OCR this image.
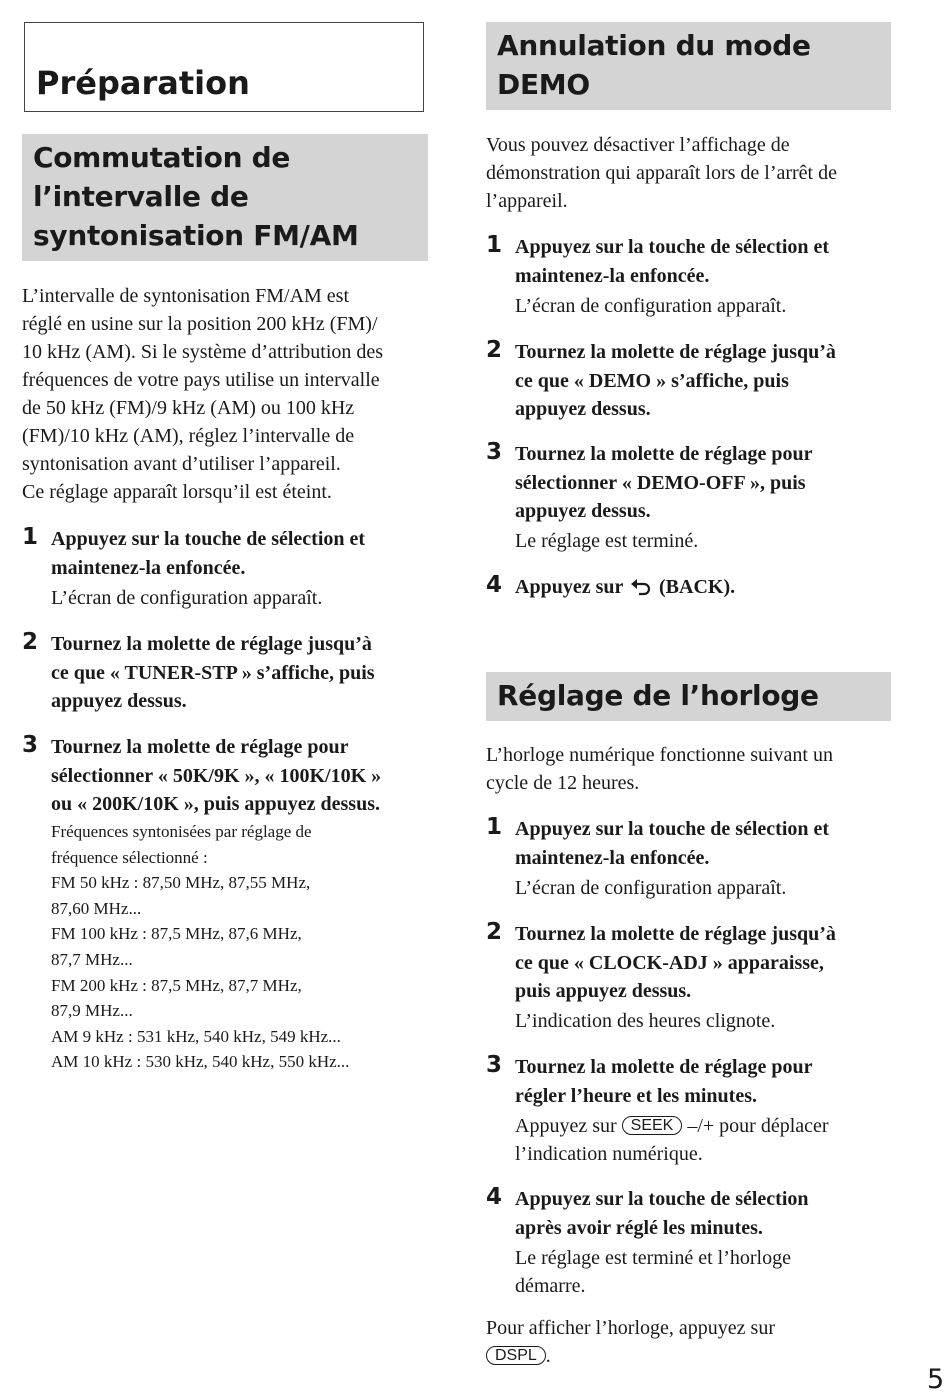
Préparation
Commutation de
l’intervalle de
syntonisation FM/AM

L’intervalle de syntonisation FM/AM est
réglé en usine sur la position 200 kHz (FM)/
10 kHz (AM). Si le système d’attribution des
fréquences de votre pays utilise un intervalle
de 50 kHz (FM)/9 kHz (AM) ou 100 kHz
(FM)/10 kHz (AM), réglez l’intervalle de
syntonisation avant d’utiliser l’appareil.
Ce réglage apparaît lorsqu’il est éteint.

1 Appuyez sur la touche de sélection et
maintenez-la enfoncée.

L’écran de configuration apparaît.

2 Tournez la molette de réglage jusqu’à
ce que « TUNER-STP » s’affiche, puis
appuyez dessus.

3 Tournez la molette de réglage pour
sélectionner « 50K/9K », « 100K/10K »
ou « 200K/10K », puis appuyez dessus.

Fréquences syntonisées par réglage de
fréquence sélectionné :
FM 50 kHz : 87,50 MHz, 87,55 MHz,
87,60 MHz...
FM 100 kHz : 87,5 MHz, 87,6 MHz,
87,7 MHz...
FM 200 kHz : 87,5 MHz, 87,7 MHz,
87,9 MHz...
AM 9 kHz : 531 kHz, 540 kHz, 549 kHz...
AM 10 kHz : 530 kHz, 540 kHz, 550 kHz...

Annulation du mode
DEMO

Vous pouvez désactiver l’affichage de
démonstration qui apparaît lors de l’arrêt de
l’appareil.

1 Appuyez sur la touche de sélection et
maintenez-la enfoncée.

L’écran de configuration apparaît.

2 Tournez la molette de réglage jusqu’à
ce que « DEMO » s’affiche, puis
appuyez dessus.

3 Tournez la molette de réglage pour
sélectionner « DEMO-OFF », puis
appuyez dessus.

Le réglage est terminé.

4 Appuyez sur (BACK).

Réglage de l’horloge

L’horloge numérique fonctionne suivant un
cycle de 12 heures.

1 Appuyez sur la touche de sélection et
maintenez-la enfoncée.

L’écran de configuration apparaît.

2 Tournez la molette de réglage jusqu’à
ce que « CLOCK-ADJ » apparaisse,
puis appuyez dessus.

L’indication des heures clignote.

3 Tournez la molette de réglage pour
régler l’heure et les minutes.

Appuyez sur SEEK –/+ pour déplacer
l’indication numérique.

4 Appuyez sur la touche de sélection
après avoir réglé les minutes.

Le réglage est terminé et l’horloge
démarre.

Pour afficher l’horloge, appuyez sur
DSPL .

5
